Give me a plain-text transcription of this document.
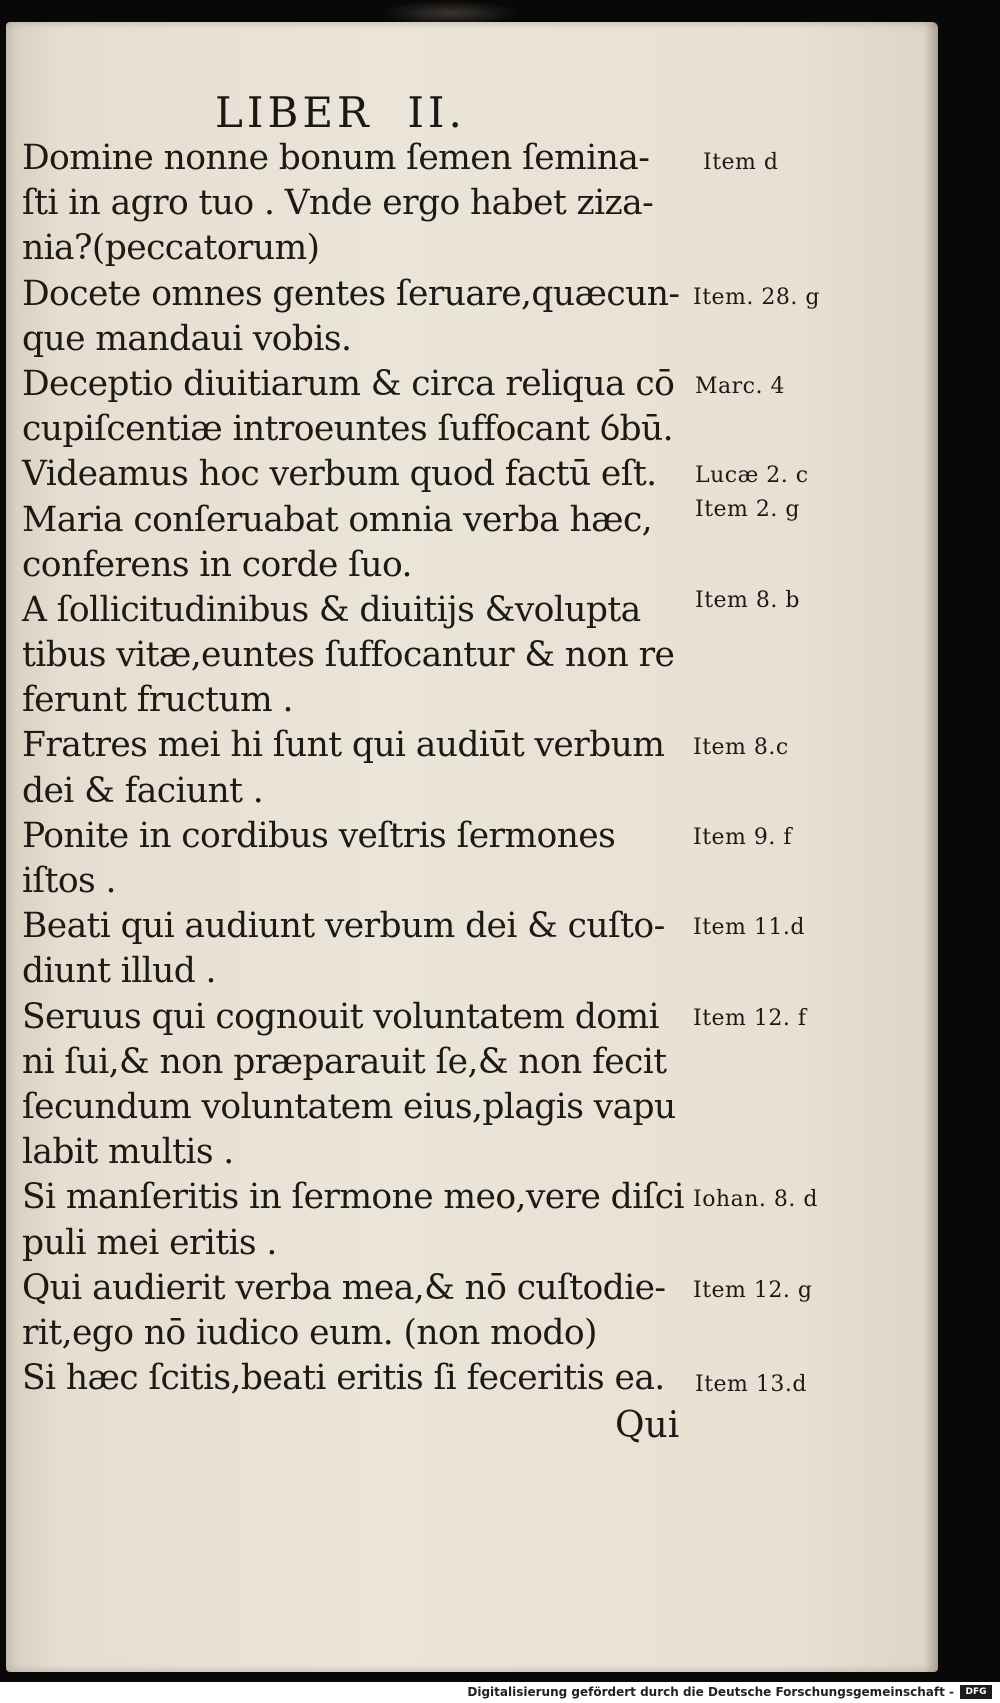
LIBER  II.
Domine nonne bonum ſemen ſemina-
ſti in agro tuo . Vnde ergo habet ziza-
nia?(peccatorum)
Docete omnes gentes ſeruare,quæcun-
que mandaui vobis.
Deceptio diuitiarum & circa reliqua cō
cupiſcentiæ introeuntes ſuffocant ỽbū.
Videamus hoc verbum quod factū eſt.
Maria conſeruabat omnia verba hæc,
conferens in corde ſuo.
A ſollicitudinibus & diuitijs &volupta
tibus vitæ,euntes ſuffocantur & non re
ferunt fructum .
Fratres mei hi ſunt qui audiūt verbum
dei & faciunt .
Ponite in cordibus veſtris ſermones
iſtos .
Beati qui audiunt verbum dei & cuſto-
diunt illud .
Seruus qui cognouit voluntatem domi
ni ſui,& non præparauit ſe,& non fecit
ſecundum voluntatem eius,plagis vapu
labit multis .
Si manſeritis in ſermone meo,vere diſci
puli mei eritis .
Qui audierit verba mea,& nō cuſtodie-
rit,ego nō iudico eum. (non modo)
Si hæc ſcitis,beati eritis ſi feceritis ea.
Item d
Item. 28. g
Marc. 4
Lucæ 2. c
Item 2. g
Item 8. b
Item 8.c
Item 9. f
Item 11.d
Item 12. f
Iohan. 8. d
Item 12. g
Item 13.d
Qui
Digitalisierung gefördert durch die Deutsche Forschungsgemeinschaft -	DFG
